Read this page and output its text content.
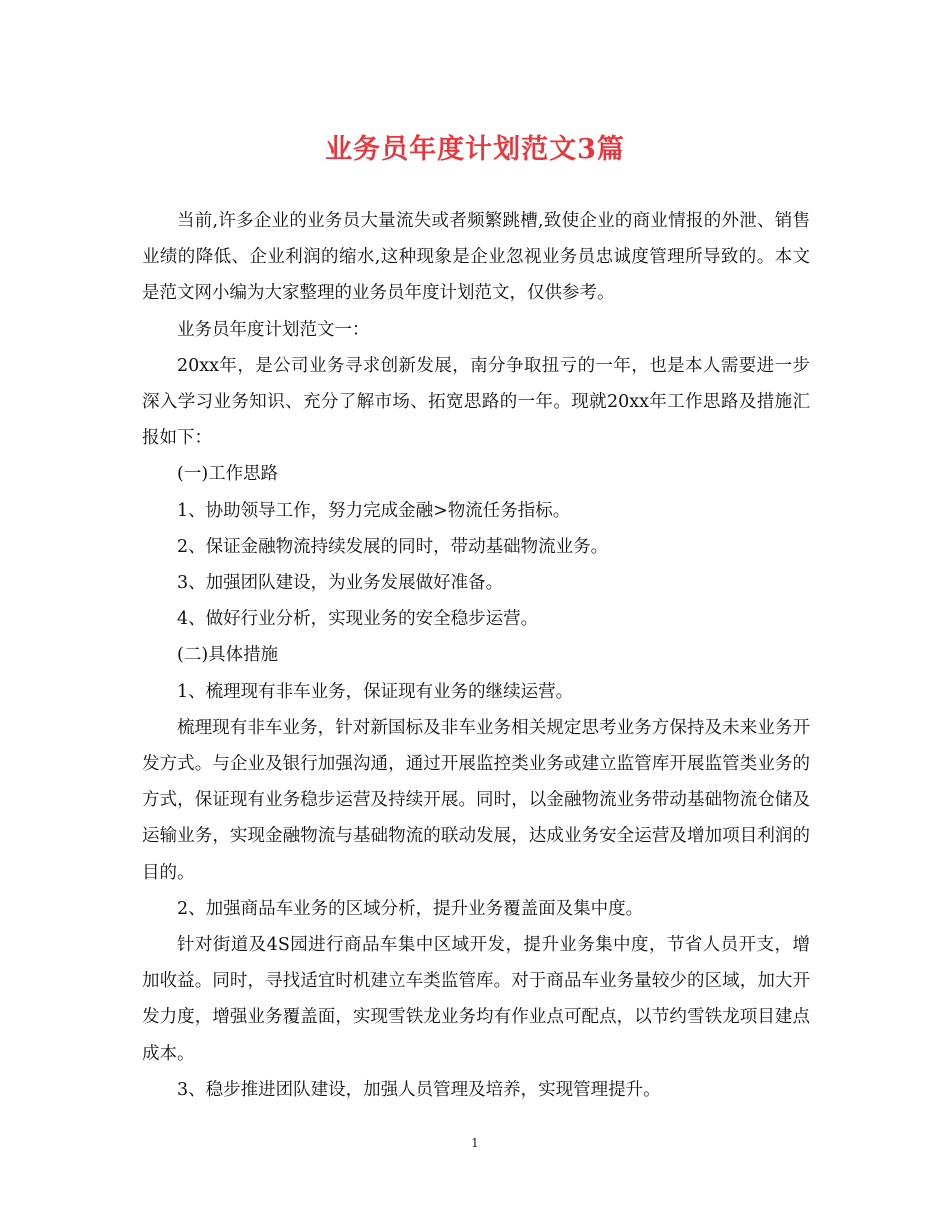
业务员年度计划范文3篇

当前,许多企业的业务员大量流失或者频繁跳槽,致使企业的商业情报的外泄、销售业绩的降低、企业利润的缩水,这种现象是企业忽视业务员忠诚度管理所导致的。本文是范文网小编为大家整理的业务员年度计划范文，仅供参考。

业务员年度计划范文一：

20xx年，是公司业务寻求创新发展，南分争取扭亏的一年，也是本人需要进一步深入学习业务知识、充分了解市场、拓宽思路的一年。现就20xx年工作思路及措施汇报如下：

(一)工作思路

1、协助领导工作，努力完成金融>物流任务指标。

2、保证金融物流持续发展的同时，带动基础物流业务。

3、加强团队建设，为业务发展做好准备。

4、做好行业分析，实现业务的安全稳步运营。

(二)具体措施

1、梳理现有非车业务，保证现有业务的继续运营。

梳理现有非车业务，针对新国标及非车业务相关规定思考业务方保持及未来业务开发方式。与企业及银行加强沟通，通过开展监控类业务或建立监管库开展监管类业务的方式，保证现有业务稳步运营及持续开展。同时，以金融物流业务带动基础物流仓储及运输业务，实现金融物流与基础物流的联动发展，达成业务安全运营及增加项目利润的目的。

2、加强商品车业务的区域分析，提升业务覆盖面及集中度。

针对街道及4S园进行商品车集中区域开发，提升业务集中度，节省人员开支，增加收益。同时，寻找适宜时机建立车类监管库。对于商品车业务量较少的区域，加大开发力度，增强业务覆盖面，实现雪铁龙业务均有作业点可配点，以节约雪铁龙项目建点成本。

3、稳步推进团队建设，加强人员管理及培养，实现管理提升。

1
